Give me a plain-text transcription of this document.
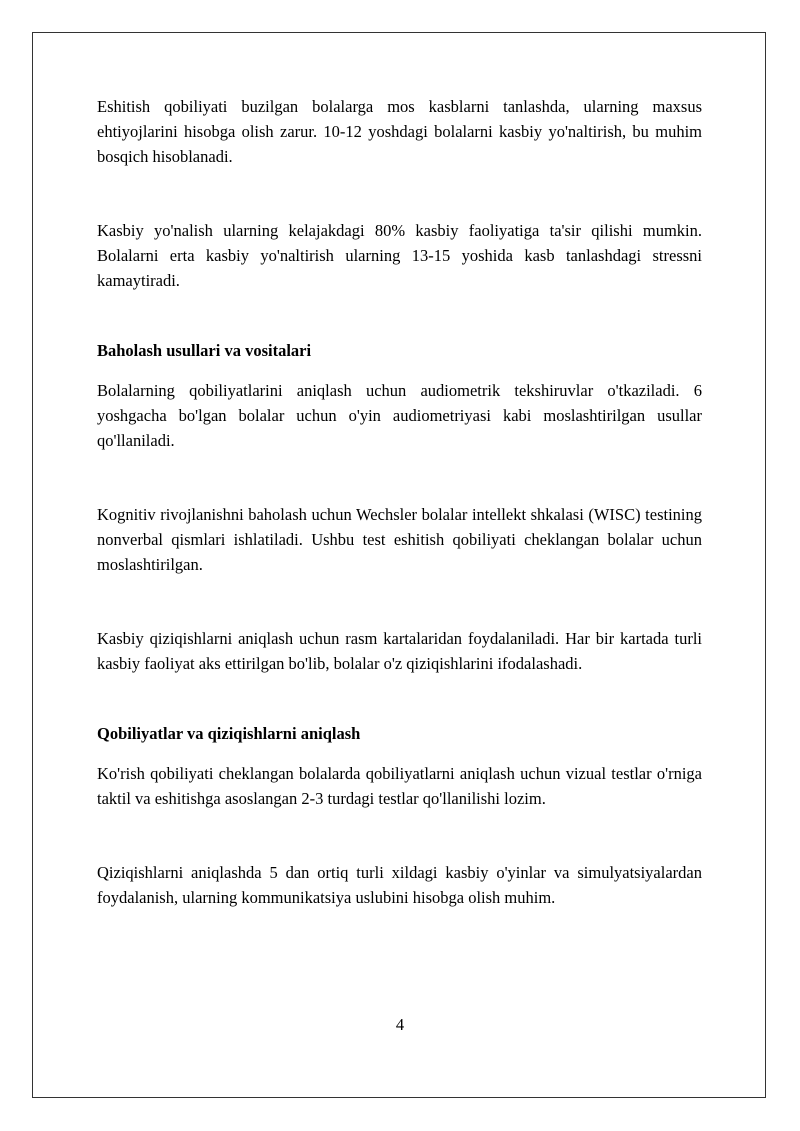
Eshitish qobiliyati buzilgan bolalarga mos kasblarni tanlashda, ularning maxsus ehtiyojlarini hisobga olish zarur. 10-12 yoshdagi bolalarni kasbiy yo'naltirish, bu muhim bosqich hisoblanadi.

Kasbiy yo'nalish ularning kelajakdagi 80% kasbiy faoliyatiga ta'sir qilishi mumkin. Bolalarni erta kasbiy yo'naltirish ularning 13-15 yoshida kasb tanlashdagi stressni kamaytiradi.

Baholash usullari va vositalari

Bolalarning qobiliyatlarini aniqlash uchun audiometrik tekshiruvlar o'tkaziladi. 6 yoshgacha bo'lgan bolalar uchun o'yin audiometriyasi kabi moslashtirilgan usullar qo'llaniladi.

Kognitiv rivojlanishni baholash uchun Wechsler bolalar intellekt shkalasi (WISC) testining nonverbal qismlari ishlatiladi. Ushbu test eshitish qobiliyati cheklangan bolalar uchun moslashtirilgan.

Kasbiy qiziqishlarni aniqlash uchun rasm kartalaridan foydalaniladi. Har bir kartada turli kasbiy faoliyat aks ettirilgan bo'lib, bolalar o'z qiziqishlarini ifodalashadi.

Qobiliyatlar va qiziqishlarni aniqlash

Ko'rish qobiliyati cheklangan bolalarda qobiliyatlarni aniqlash uchun vizual testlar o'rniga taktil va eshitishga asoslangan 2-3 turdagi testlar qo'llanilishi lozim.

Qiziqishlarni aniqlashda 5 dan ortiq turli xildagi kasbiy o'yinlar va simulyatsiyalardan foydalanish, ularning kommunikatsiya uslubini hisobga olish muhim.

4
